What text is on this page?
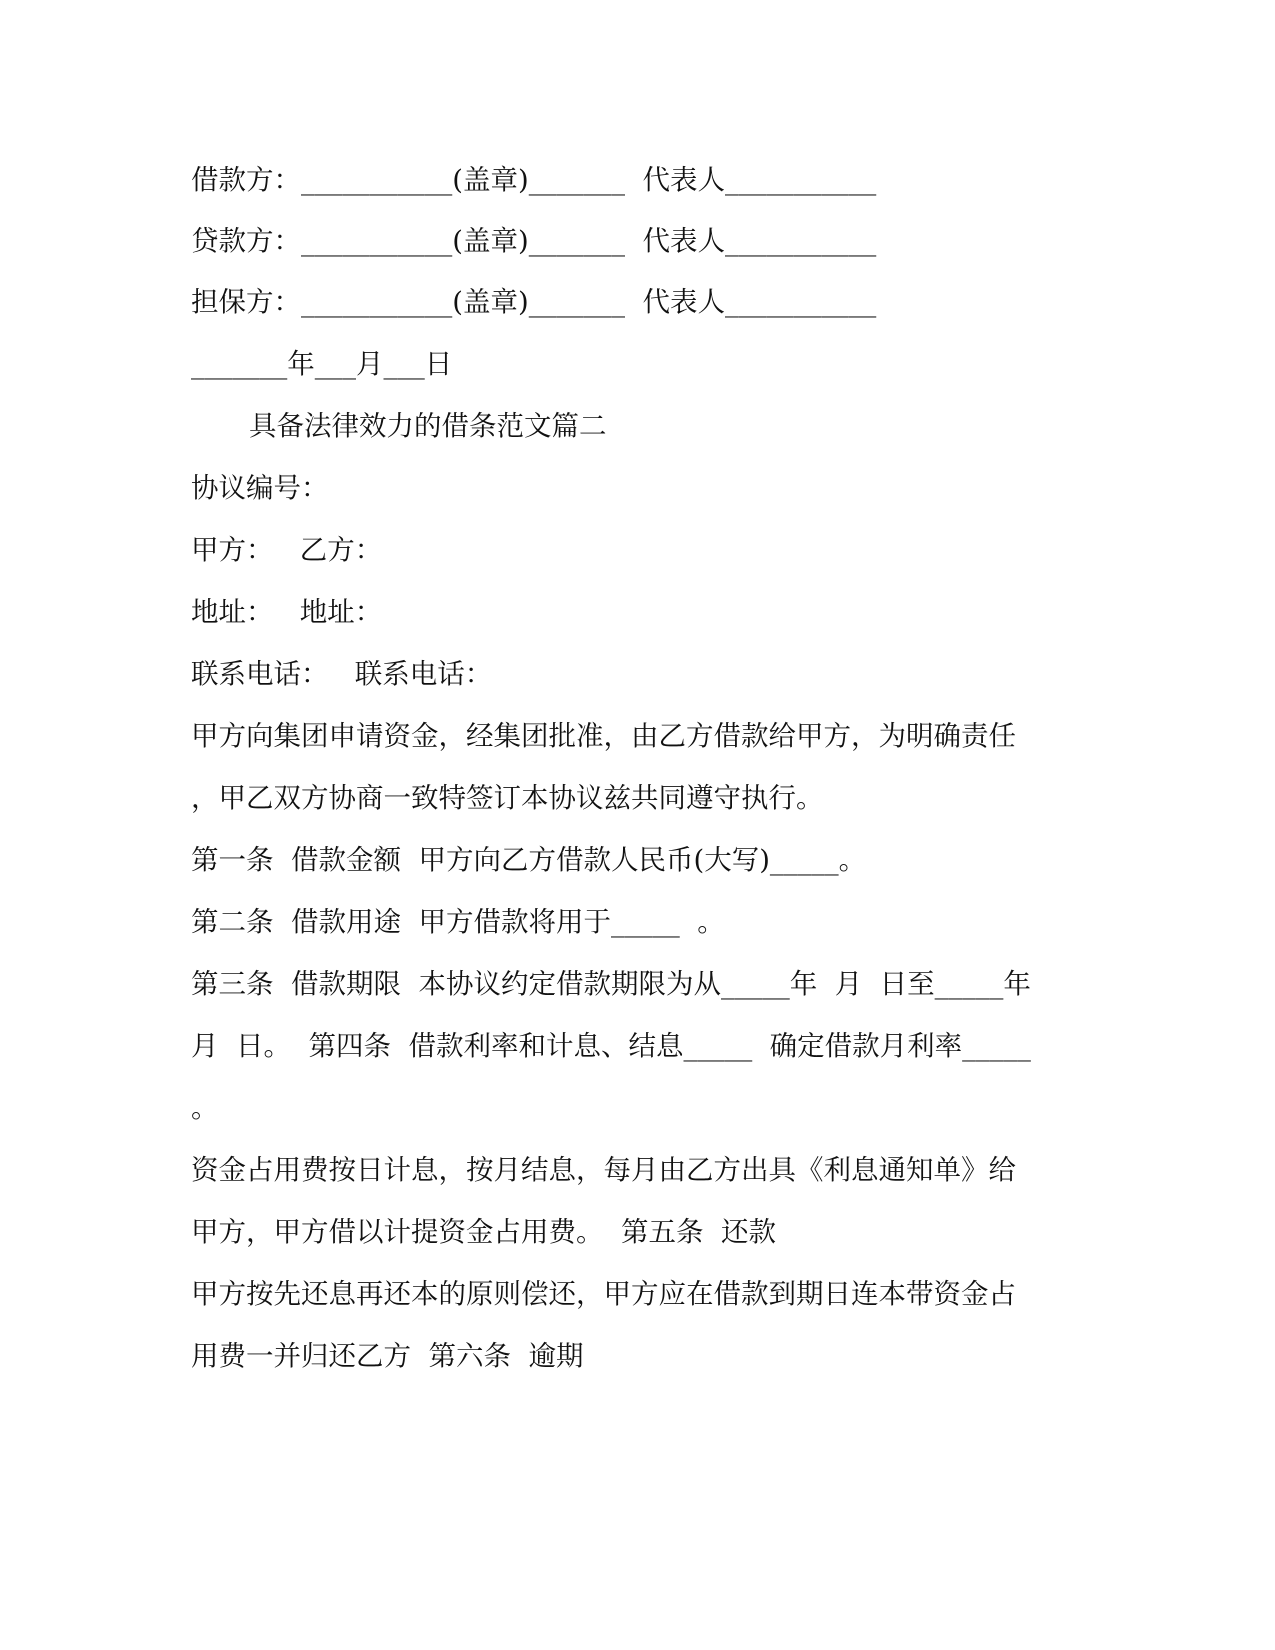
借款方：___________(盖章)_______  代表人___________
贷款方：___________(盖章)_______  代表人___________
担保方：___________(盖章)_______  代表人___________
_______年___月___日
具备法律效力的借条范文篇二
协议编号：
甲方：   乙方：
地址：   地址：
联系电话：   联系电话：
甲方向集团申请资金，经集团批准，由乙方借款给甲方，为明确责任
，甲乙双方协商一致特签订本协议兹共同遵守执行。
第一条  借款金额  甲方向乙方借款人民币(大写)_____。
第二条  借款用途  甲方借款将用于_____  。
第三条  借款期限  本协议约定借款期限为从_____年  月  日至_____年
月  日。  第四条  借款利率和计息、结息_____  确定借款月利率_____
。
资金占用费按日计息，按月结息，每月由乙方出具《利息通知单》给
甲方，甲方借以计提资金占用费。  第五条  还款
甲方按先还息再还本的原则偿还，甲方应在借款到期日连本带资金占
用费一并归还乙方  第六条  逾期
